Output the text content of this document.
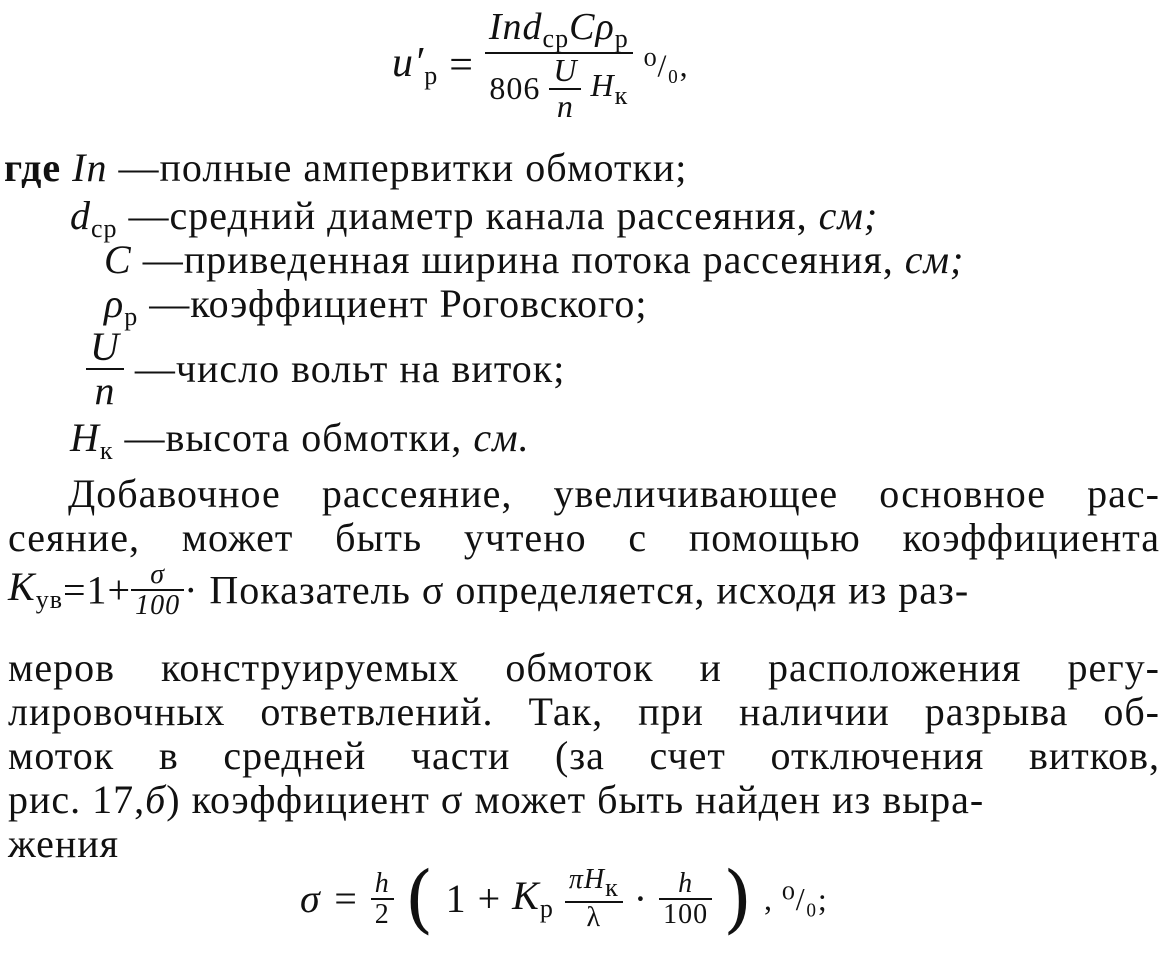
$u'_р = \frac{Ind_{ср}C\rho_р}{806 \frac{U}{n} H_к} ^0/_0$,
где In —полные ампервитки обмотки;
$d_{ср}$ —средний диаметр канала рассеяния, см;
C —приведенная ширина потока рассеяния, см;
$\rho_р$ —коэффициент Роговского;
$\frac{U}{n}$ —число вольт на виток;
$H_к$ —высота обмотки, см.
Добавочное рассеяние, увеличивающее основное рас-
сеяние, может быть учтено с помощью коэффициента
$K_{ув}=1+ \frac{\sigma}{100}$ · Показатель σ определяется, исходя из раз-
меров конструируемых обмоток и расположения регу-
лировочных ответвлений. Так, при наличии разрыва об-
моток в средней части (за счет отключения витков,
рис. 17,б) коэффициент σ может быть найден из выра-
жения
$\sigma = \frac{h}{2}$ ( $1 + K_р \frac{\text{πHк}}{\lambda} \cdot \frac{h}{100}$ ) , ⁰/₀;
